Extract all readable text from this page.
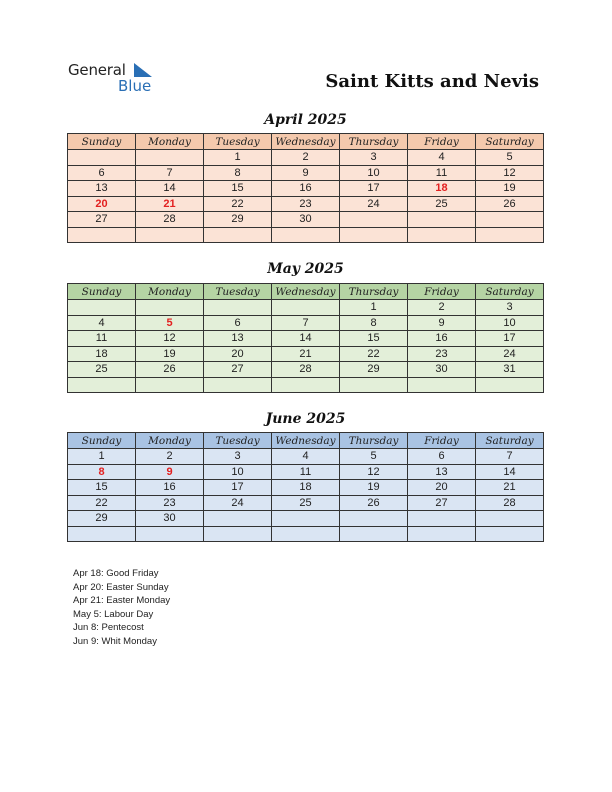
General
Blue	Saint Kitts and Nevis
April 2025
Sunday	Monday	Tuesday	Wednesday	Thursday	Friday	Saturday
		1	2	3	4	5
6	7	8	9	10	11	12
13	14	15	16	17	18	19
20	21	22	23	24	25	26
27	28	29	30			

May 2025
Sunday	Monday	Tuesday	Wednesday	Thursday	Friday	Saturday
				1	2	3
4	5	6	7	8	9	10
11	12	13	14	15	16	17
18	19	20	21	22	23	24
25	26	27	28	29	30	31

June 2025
Sunday	Monday	Tuesday	Wednesday	Thursday	Friday	Saturday
1	2	3	4	5	6	7
8	9	10	11	12	13	14
15	16	17	18	19	20	21
22	23	24	25	26	27	28
29	30					

Apr 18: Good Friday
Apr 20: Easter Sunday
Apr 21: Easter Monday
May 5: Labour Day
Jun 8: Pentecost
Jun 9: Whit Monday
